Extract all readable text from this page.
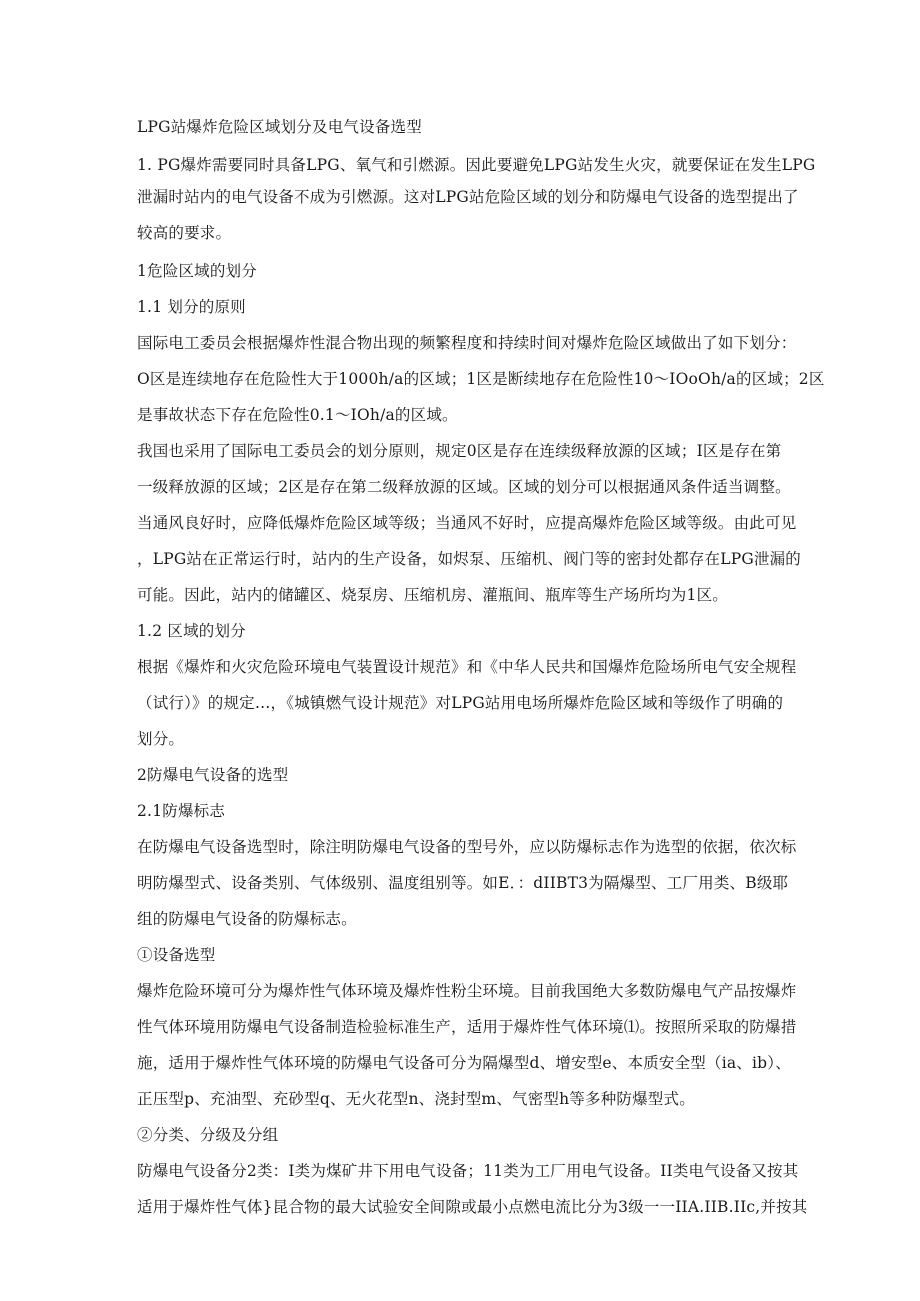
LPG站爆炸危险区域划分及电气设备选型
1. PG爆炸需要同时具备LPG、氧气和引燃源。因此要避免LPG站发生火灾，就要保证在发生LPG
泄漏时站内的电气设备不成为引燃源。这对LPG站危险区域的划分和防爆电气设备的选型提出了
较高的要求。
1危险区域的划分
1.1 划分的原则
国际电工委员会根据爆炸性混合物出现的频繁程度和持续时间对爆炸危险区域做出了如下划分：
O区是连续地存在危险性大于1000h/a的区域；1区是断续地存在危险性10～IOoOh/a的区域；2区
是事故状态下存在危险性0.1～IOh/a的区域。
我国也采用了国际电工委员会的划分原则，规定0区是存在连续级释放源的区域；I区是存在第
一级释放源的区域；2区是存在第二级释放源的区域。区域的划分可以根据通风条件适当调整。
当通风良好时，应降低爆炸危险区域等级；当通风不好时，应提高爆炸危险区域等级。由此可见
，LPG站在正常运行时，站内的生产设备，如烬泵、压缩机、阀门等的密封处都存在LPG泄漏的
可能。因此，站内的储罐区、烧泵房、压缩机房、灌瓶间、瓶库等生产场所均为1区。
1.2 区域的划分
根据《爆炸和火灾危险环境电气装置设计规范》和《中华人民共和国爆炸危险场所电气安全规程
（试行）》的规定…，《城镇燃气设计规范》对LPG站用电场所爆炸危险区域和等级作了明确的
划分。
2防爆电气设备的选型
2.1防爆标志
在防爆电气设备选型时，除注明防爆电气设备的型号外，应以防爆标志作为选型的依据，依次标
明防爆型式、设备类别、气体级别、温度组别等。如E．：dIIBT3为隔爆型、工厂用类、B级耶
组的防爆电气设备的防爆标志。
①设备选型
爆炸危险环境可分为爆炸性气体环境及爆炸性粉尘环境。目前我国绝大多数防爆电气产品按爆炸
性气体环境用防爆电气设备制造检验标准生产，适用于爆炸性气体环境⑴。按照所采取的防爆措
施，适用于爆炸性气体环境的防爆电气设备可分为隔爆型d、增安型e、本质安全型（ia、ib）、
正压型p、充油型、充砂型q、无火花型n、浇封型m、气密型h等多种防爆型式。
②分类、分级及分组
防爆电气设备分2类：I类为煤矿井下用电气设备；11类为工厂用电气设备。II类电气设备又按其
适用于爆炸性气体}昆合物的最大试验安全间隙或最小点燃电流比分为3级一一IIA.IIB.IIc,并按其
